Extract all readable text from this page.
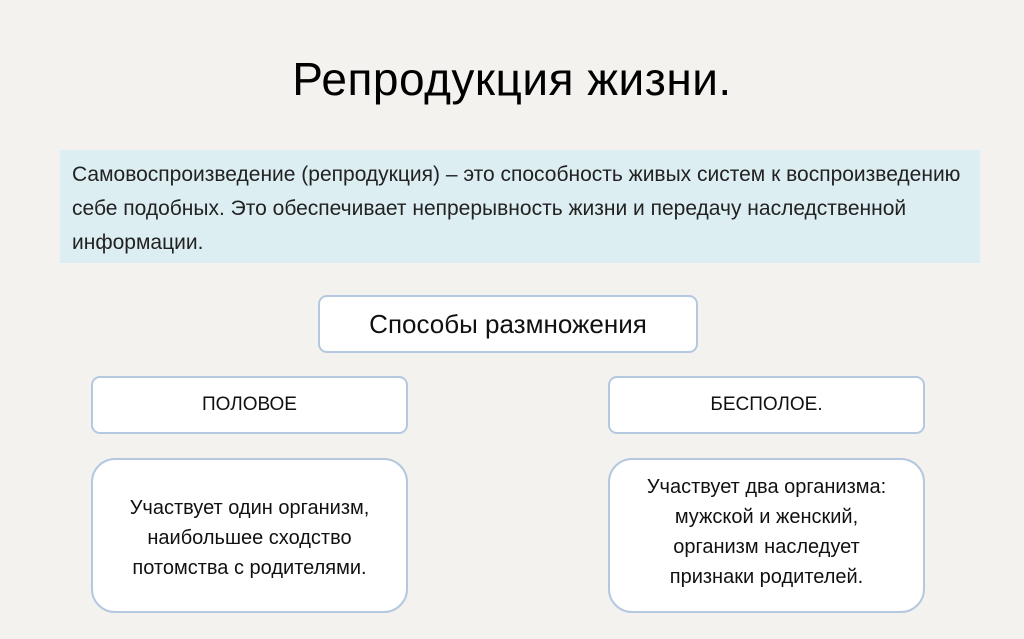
Репродукция жизни.
Самовоспроизведение (репродукция) – это способность живых систем к воспроизведению себе подобных. Это обеспечивает непрерывность жизни и передачу наследственной информации.
Способы размножения
ПОЛОВОЕ	БЕСПОЛОЕ.
Участвует один организм, наибольшее сходство потомства с родителями.
Участвует два организма: мужской и женский, организм наследует признаки родителей.
